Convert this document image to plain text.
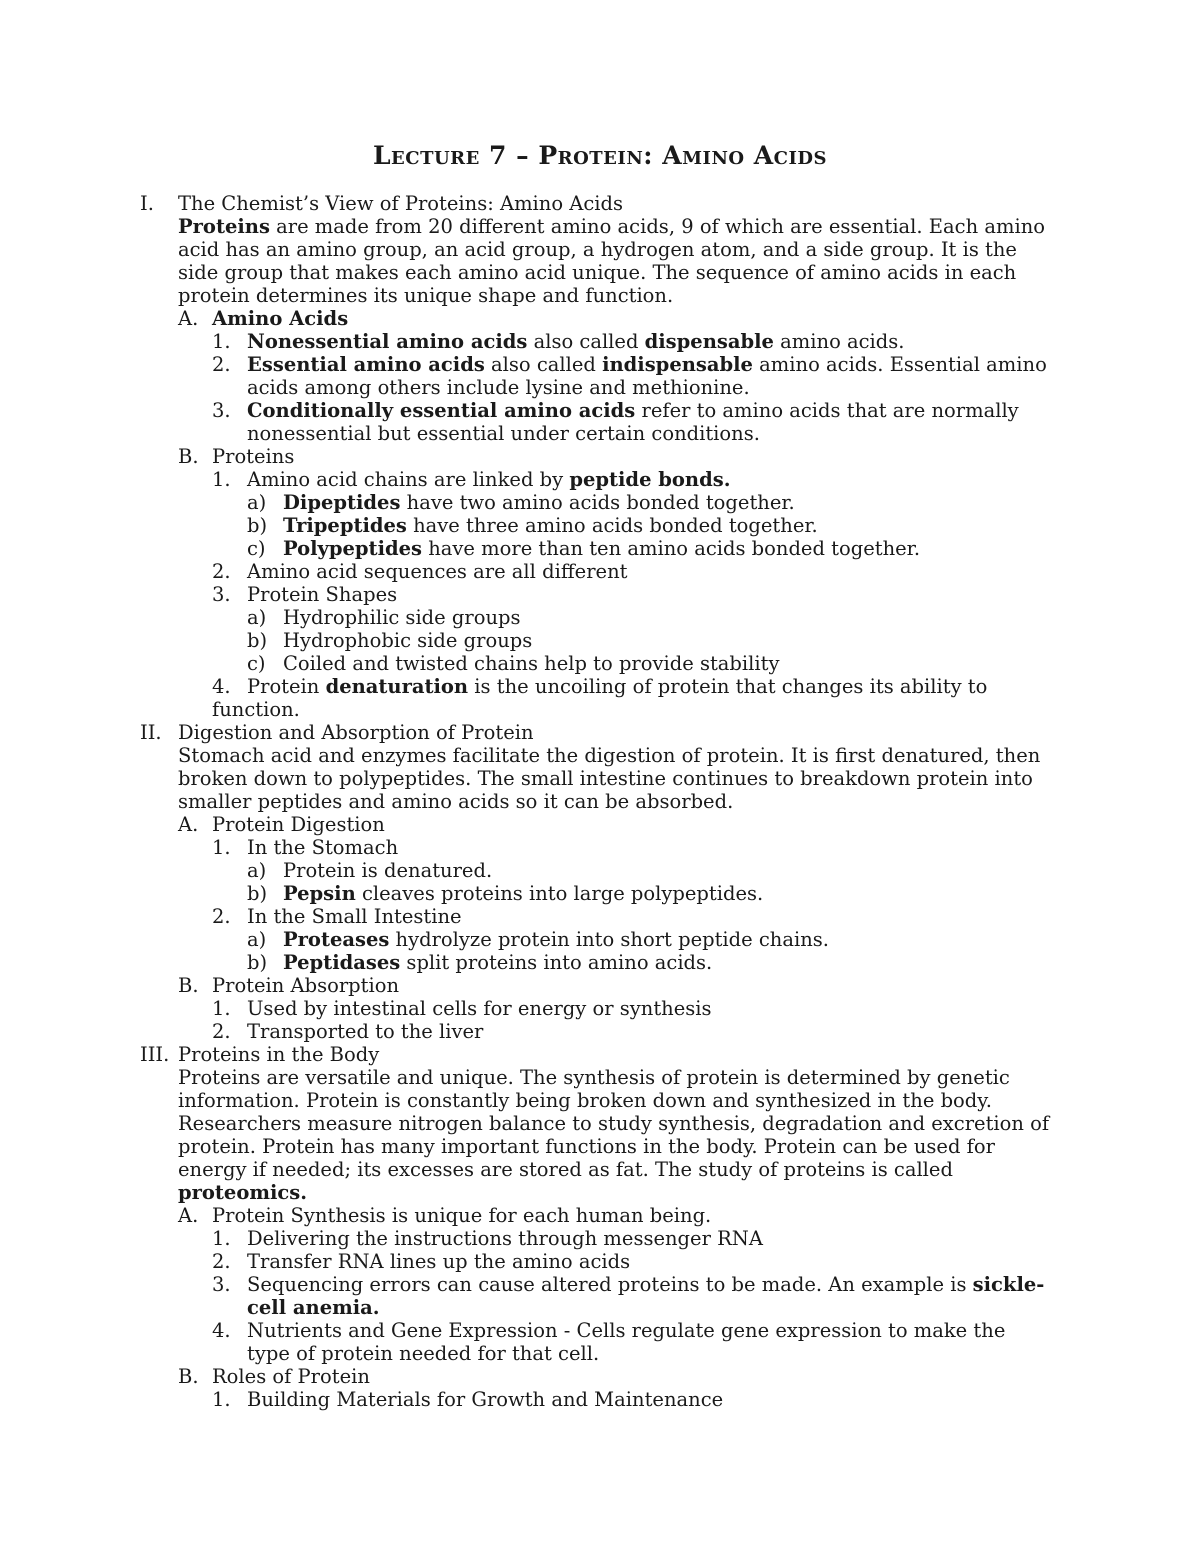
Lecture 7 – Protein: Amino Acids
I. The Chemist’s View of Proteins: Amino Acids
Proteins are made from 20 different amino acids, 9 of which are essential. Each amino
acid has an amino group, an acid group, a hydrogen atom, and a side group. It is the
side group that makes each amino acid unique. The sequence of amino acids in each
protein determines its unique shape and function.
A. Amino Acids
1. Nonessential amino acids also called dispensable amino acids.
2. Essential amino acids also called indispensable amino acids. Essential amino
acids among others include lysine and methionine.
3. Conditionally essential amino acids refer to amino acids that are normally
nonessential but essential under certain conditions.
B. Proteins
1. Amino acid chains are linked by peptide bonds.
a) Dipeptides have two amino acids bonded together.
b) Tripeptides have three amino acids bonded together.
c) Polypeptides have more than ten amino acids bonded together.
2. Amino acid sequences are all different
3. Protein Shapes
a) Hydrophilic side groups
b) Hydrophobic side groups
c) Coiled and twisted chains help to provide stability
4. Protein denaturation is the uncoiling of protein that changes its ability to
function.
II. Digestion and Absorption of Protein
Stomach acid and enzymes facilitate the digestion of protein. It is first denatured, then
broken down to polypeptides. The small intestine continues to breakdown protein into
smaller peptides and amino acids so it can be absorbed.
A. Protein Digestion
1. In the Stomach
a) Protein is denatured.
b) Pepsin cleaves proteins into large polypeptides.
2. In the Small Intestine
a) Proteases hydrolyze protein into short peptide chains.
b) Peptidases split proteins into amino acids.
B. Protein Absorption
1. Used by intestinal cells for energy or synthesis
2. Transported to the liver
III. Proteins in the Body
Proteins are versatile and unique. The synthesis of protein is determined by genetic
information. Protein is constantly being broken down and synthesized in the body.
Researchers measure nitrogen balance to study synthesis, degradation and excretion of
protein. Protein has many important functions in the body. Protein can be used for
energy if needed; its excesses are stored as fat. The study of proteins is called
proteomics.
A. Protein Synthesis is unique for each human being.
1. Delivering the instructions through messenger RNA
2. Transfer RNA lines up the amino acids
3. Sequencing errors can cause altered proteins to be made. An example is sickle-
cell anemia.
4. Nutrients and Gene Expression - Cells regulate gene expression to make the
type of protein needed for that cell.
B. Roles of Protein
1. Building Materials for Growth and Maintenance
